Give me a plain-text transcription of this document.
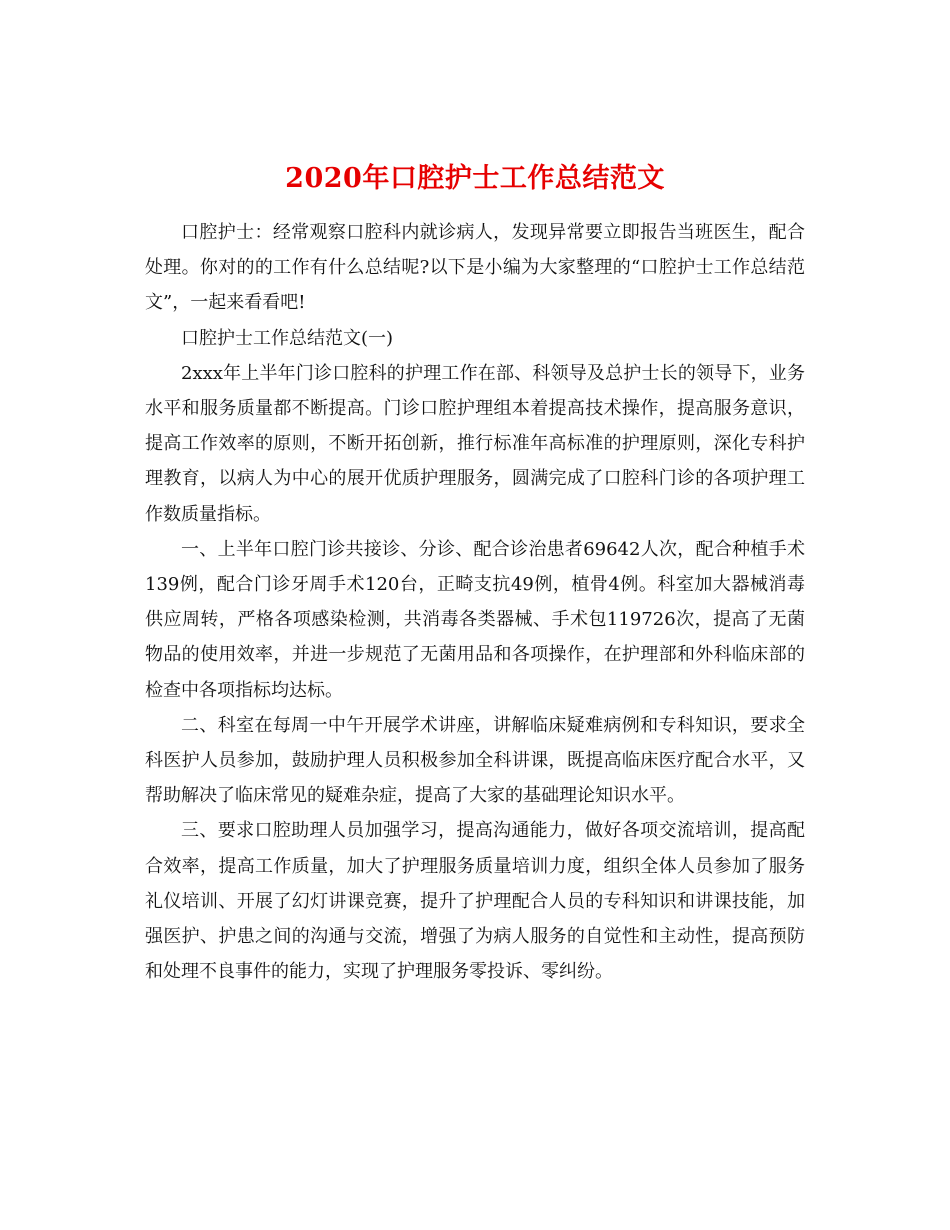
2020年口腔护士工作总结范文

口腔护士：经常观察口腔科内就诊病人，发现异常要立即报告当班医生，配合处理。你对的的工作有什么总结呢?以下是小编为大家整理的“口腔护士工作总结范文”，一起来看看吧!

口腔护士工作总结范文(一)

2xxx年上半年门诊口腔科的护理工作在部、科领导及总护士长的领导下，业务水平和服务质量都不断提高。门诊口腔护理组本着提高技术操作，提高服务意识，提高工作效率的原则，不断开拓创新，推行标准年高标准的护理原则，深化专科护理教育，以病人为中心的展开优质护理服务，圆满完成了口腔科门诊的各项护理工作数质量指标。

一、上半年口腔门诊共接诊、分诊、配合诊治患者69642人次，配合种植手术139例，配合门诊牙周手术120台，正畸支抗49例，植骨4例。科室加大器械消毒供应周转，严格各项感染检测，共消毒各类器械、手术包119726次，提高了无菌物品的使用效率，并进一步规范了无菌用品和各项操作，在护理部和外科临床部的检查中各项指标均达标。

二、科室在每周一中午开展学术讲座，讲解临床疑难病例和专科知识，要求全科医护人员参加，鼓励护理人员积极参加全科讲课，既提高临床医疗配合水平，又帮助解决了临床常见的疑难杂症，提高了大家的基础理论知识水平。

三、要求口腔助理人员加强学习，提高沟通能力，做好各项交流培训，提高配合效率，提高工作质量，加大了护理服务质量培训力度，组织全体人员参加了服务礼仪培训、开展了幻灯讲课竞赛，提升了护理配合人员的专科知识和讲课技能，加强医护、护患之间的沟通与交流，增强了为病人服务的自觉性和主动性，提高预防和处理不良事件的能力，实现了护理服务零投诉、零纠纷。
